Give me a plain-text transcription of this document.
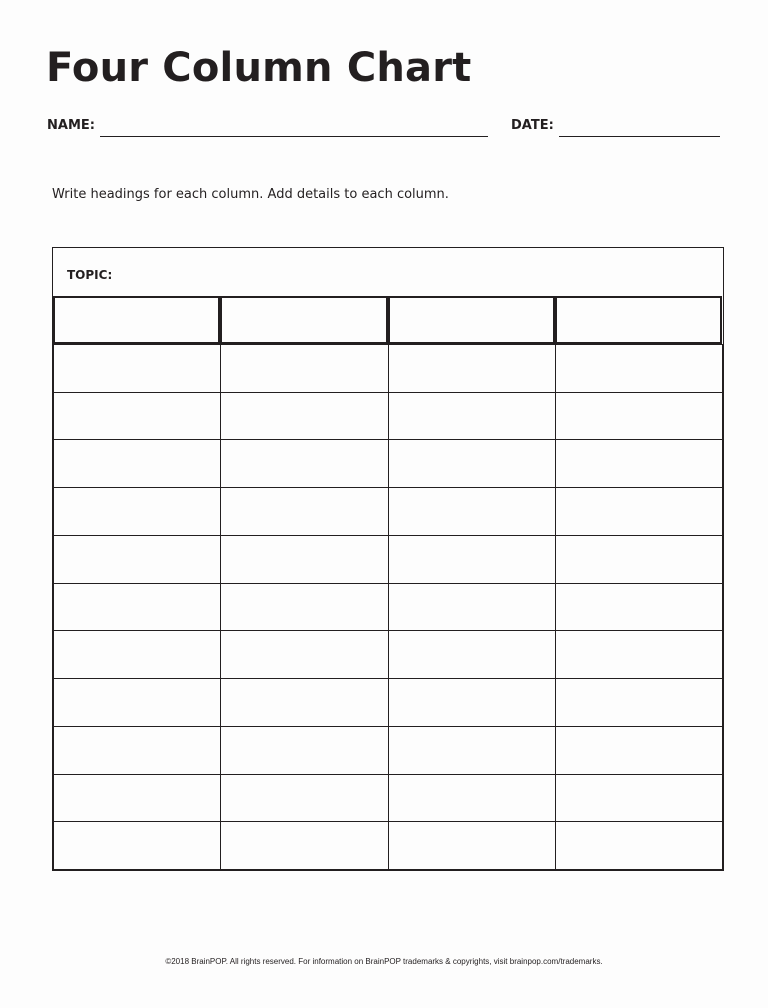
Four Column Chart
NAME:	DATE:
Write headings for each column. Add details to each column.
TOPIC:
©2018 BrainPOP. All rights reserved. For information on BrainPOP trademarks & copyrights, visit brainpop.com/trademarks.
